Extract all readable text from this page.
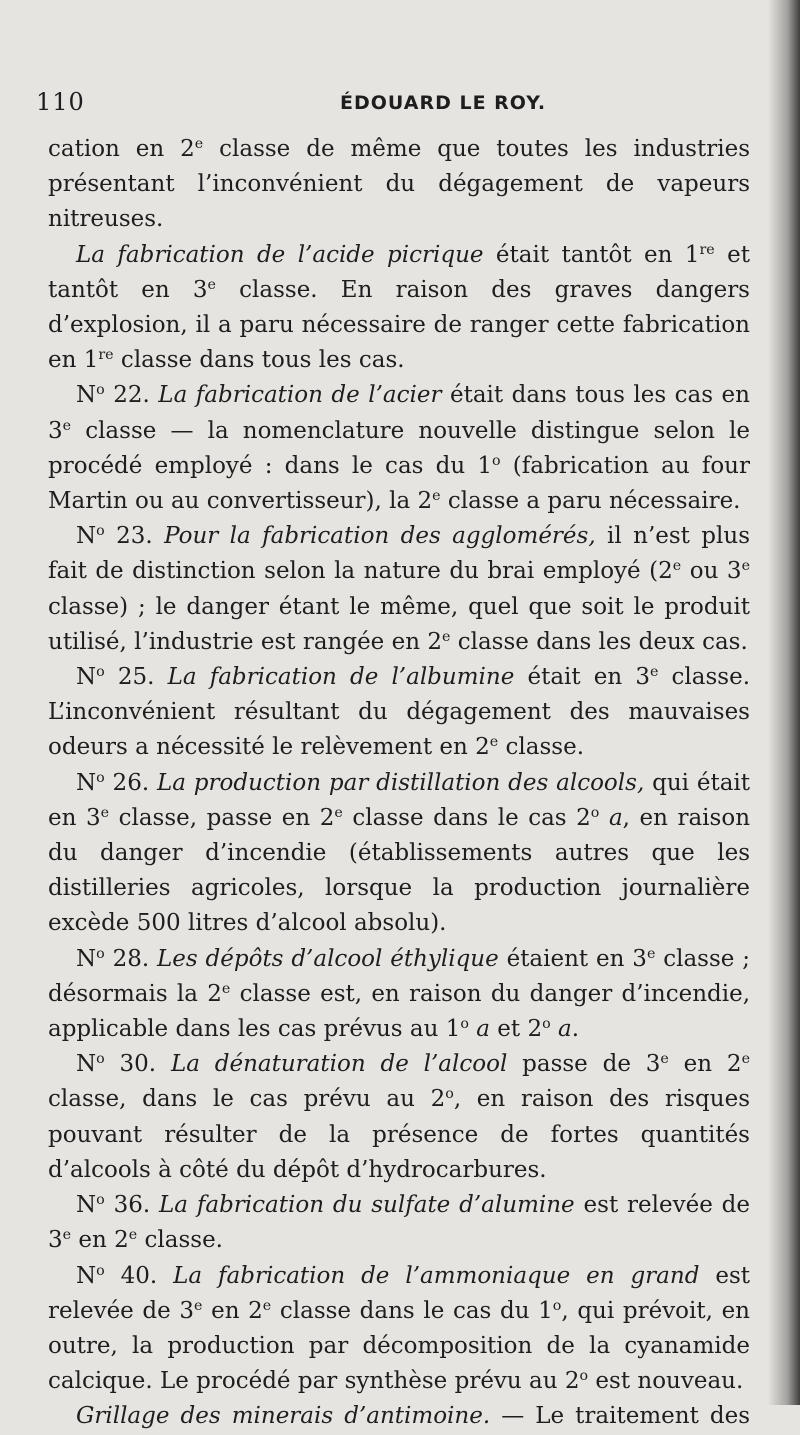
110	ÉDOUARD LE ROY.

cation en 2e classe de même que toutes les industries présentant l’inconvénient du dégagement de vapeurs nitreuses.

La fabrication de l’acide picrique était tantôt en 1re et tantôt en 3e classe. En raison des graves dangers d’explosion, il a paru nécessaire de ranger cette fabrication en 1re classe dans tous les cas.

$N^o$ 22. La fabrication de l’acier était dans tous les cas en 3e classe — la nomenclature nouvelle distingue selon le procédé employé : dans le cas du 1$^o$ (fabrication au four Martin ou au convertisseur), la 2e classe a paru nécessaire.

$N^o$ 23. Pour la fabrication des agglomérés, il n’est plus fait de distinction selon la nature du brai employé (2e ou 3e classe) ; le danger étant le même, quel que soit le produit utilisé, l’industrie est rangée en 2e classe dans les deux cas.

$N^o$ 25. La fabrication de l’albumine était en 3e classe. L’inconvénient résultant du dégagement des mauvaises odeurs a nécessité le relèvement en 2e classe.

$N^o$ 26. La production par distillation des alcools, qui était en 3e classe, passe en 2e classe dans le cas 2$^o$ a, en raison du danger d’incendie (établissements autres que les distilleries agricoles, lorsque la production journalière excède 500 litres d’alcool absolu).

$N^o$ 28. Les dépôts d’alcool éthylique étaient en 3e classe ; désormais la 2e classe est, en raison du danger d’incendie, applicable dans les cas prévus au 1$^o$ a et 2$^o$ a.

$N^o$ 30. La dénaturation de l’alcool passe de 3e en 2e classe, dans le cas prévu au 2$^o$, en raison des risques pouvant résulter de la présence de fortes quantités d’alcools à côté du dépôt d’hydrocarbures.

$N^o$ 36. La fabrication du sulfate d’alumine est relevée de 3e en 2e classe.

$N^o$ 40. La fabrication de l’ammoniaque en grand est relevée de 3e en 2e classe dans le cas du 1$^o$, qui prévoit, en outre, la production par décomposition de la cyanamide calcique. Le procédé par synthèse prévu au 2$^o$ est nouveau.

Grillage des minerais d’antimoine. — Le traitement des
